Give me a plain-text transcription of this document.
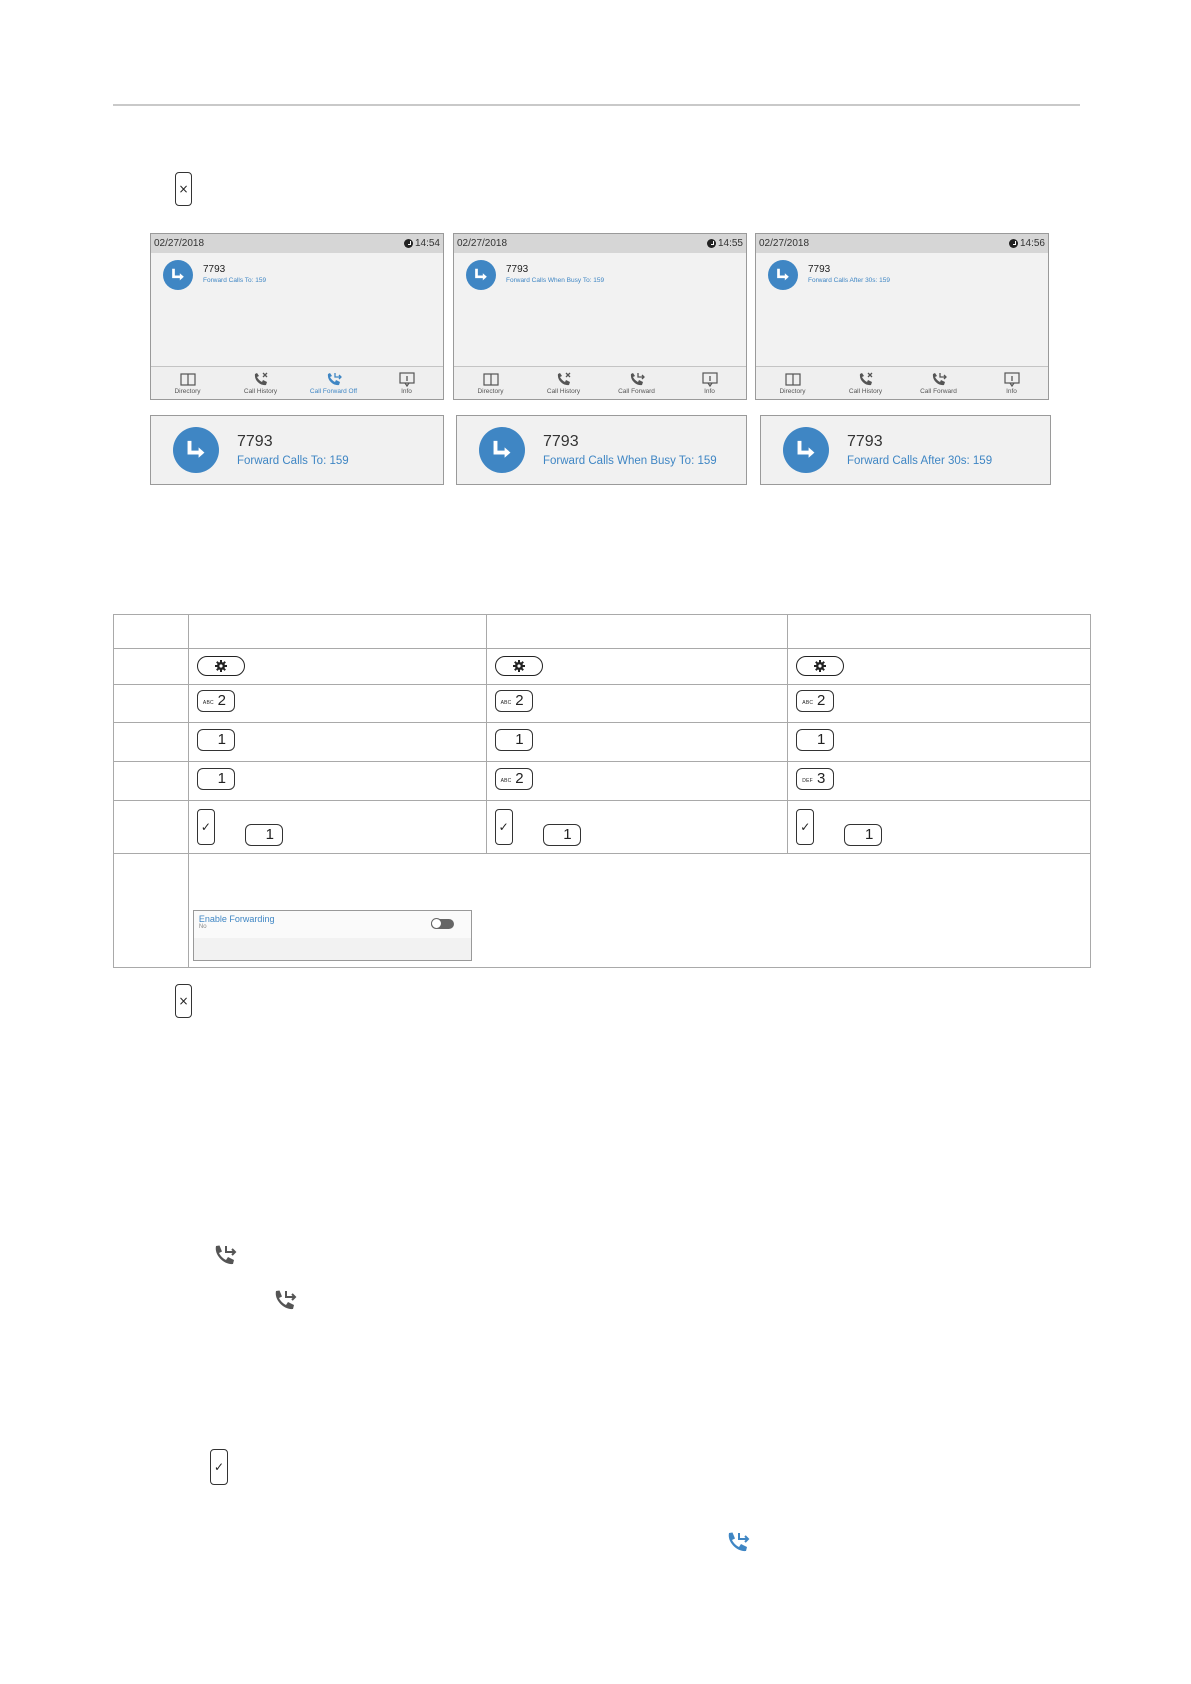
×
02/27/2018	14:54
7793
Forward Calls To: 159
Directory	Call History	Call Forward Off	Info
02/27/2018	14:55
7793
Forward Calls When Busy To: 159
Directory	Call History	Call Forward	Info
02/27/2018	14:56
7793
Forward Calls After 30s: 159
Directory	Call History	Call Forward	Info
7793
Forward Calls To: 159
7793
Forward Calls When Busy To: 159
7793
Forward Calls After 30s: 159

	ABC 2	ABC 2	ABC 2

	1	1	1

	1	ABC 2	DEF 3

	✓ 1	✓ 1	✓ 1

	Enable Forwarding
No		
×
✓
